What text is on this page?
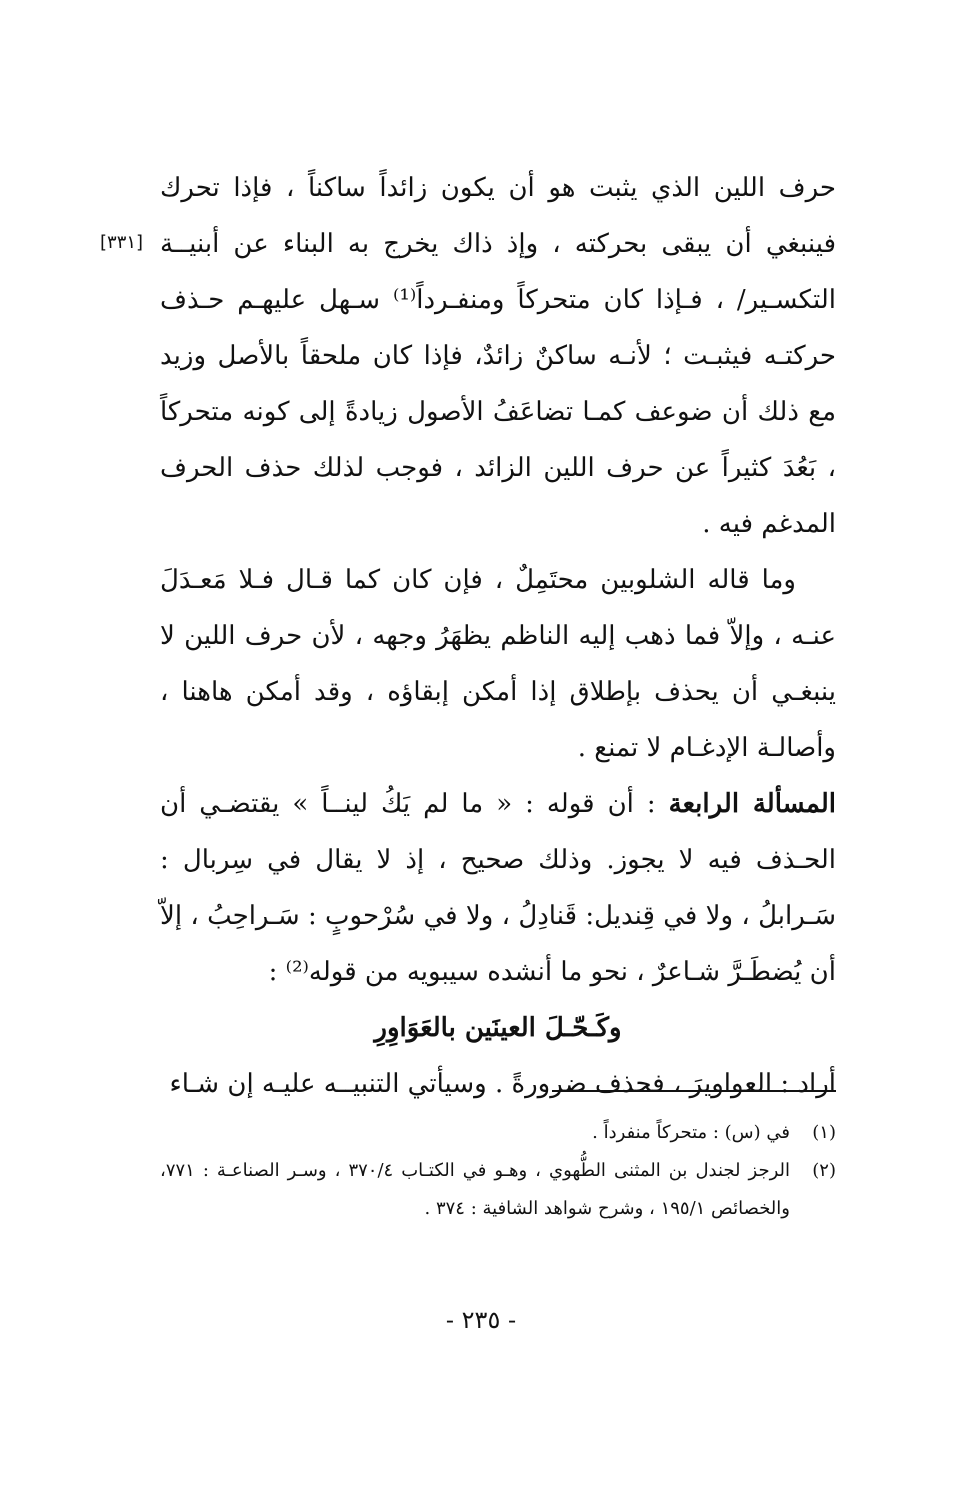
[٣٣١]

حرف اللين الذي يثبت هو أن يكون زائداً ساكناً ، فإذا تحرك فينبغي أن يبقى بحركته ، وإذ ذاك يخرج به البناء عن أبنيــة التكسـير/ ، فـإذا كان متحركاً ومنفـرداً⁽¹⁾ سـهل عليهـم حـذف حركتـه فيثبـت ؛ لأنـه ساكنٌ زائدٌ، فإذا كان ملحقاً بالأصل وزيد مع ذلك أن ضوعف كمـا تضاعَفُ الأصول زيادةً إلى كونه متحركاً ، بَعُدَ كثيراً عن حرف اللين الزائد ، فوجب لذلك حذف الحرف المدغم فيه .

وما قاله الشلوبين محتَمِلٌ ، فإن كان كما قـال فـلا مَعـدَلَ عنـه ، وإلاّ فما ذهب إليه الناظم يظهَرُ وجهه ، لأن حرف اللين لا ينبغـي أن يحذف بإطلاق إذا أمكن إبقاؤه ، وقد أمكن هاهنا ، وأصالـة الإدغـام لا تمنع .

المسألة الرابعة : أن قوله : « ما لم يَكُ لينــاً » يقتضـي أن الحـذف فيه لا يجوز. وذلك صحيح ، إذ لا يقال في سِربال : سَـرابلُ ، ولا في قِنديل: قَنادِلُ ، ولا في سُرْحوبٍ : سَـراحِبُ ، إلاّ أن يُضطَـرَّ شـاعرٌ ، نحو ما أنشده سيبويه من قوله⁽²⁾ :

وكَـحّـلَ العينَين بالعَوَاوِرِ

أراد : العواويرَ ، فحذف ضرورةً . وسيأتي التنبيــه عليـه إن شـاء

(١)
في (س) : متحركاً منفرداً .
(٢)
الرجز لجندل بن المثنى الطُّهوي ، وهـو في الكتـاب ٣٧٠/٤ ، وسـر الصناعـة : ٧٧١، والخصائص ١٩٥/١ ، وشرح شواهد الشافية : ٣٧٤ .
- ٢٣٥ -
